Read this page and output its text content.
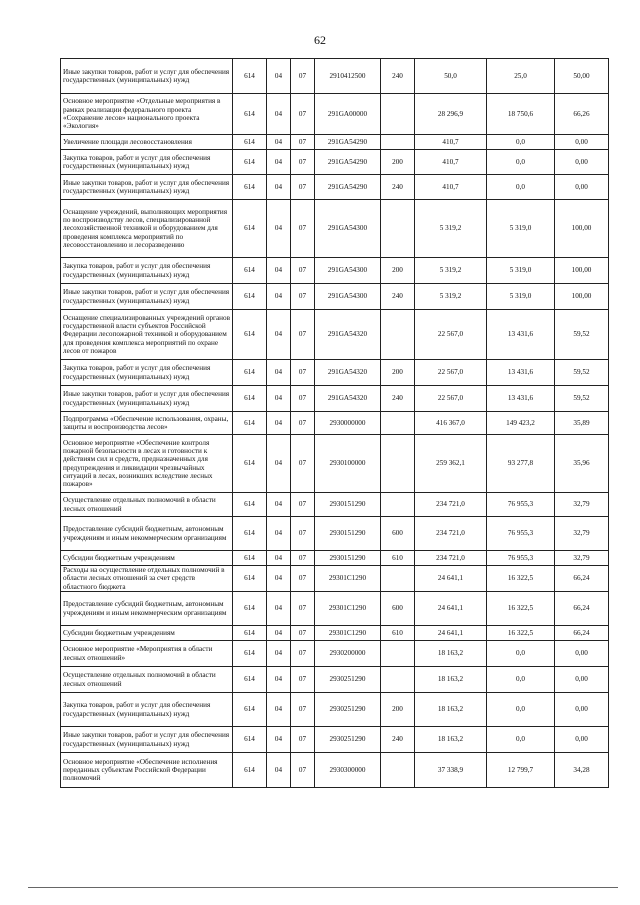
62
Иные закупки товаров, работ и услуг для обеспечения государственных (муниципальных) нужд	614	04	07	2910412500	240	50,0	25,0	50,00
Основное мероприятие «Отдельные мероприятия в рамках реализации федерального проекта «Сохранение лесов» национального проекта «Экология»	614	04	07	291GA00000		28 296,9	18 750,6	66,26
Увеличение площади лесовосстановления	614	04	07	291GA54290		410,7	0,0	0,00
Закупка товаров, работ и услуг для обеспечения государственных (муниципальных) нужд	614	04	07	291GA54290	200	410,7	0,0	0,00
Иные закупки товаров, работ и услуг для обеспечения государственных (муниципальных) нужд	614	04	07	291GA54290	240	410,7	0,0	0,00
Оснащение учреждений, выполняющих мероприятия по воспроизводству лесов, специализированной лесохозяйственной техникой и оборудованием для проведения комплекса мероприятий по лесовосстановлению и лесоразведению	614	04	07	291GA54300		5 319,2	5 319,0	100,00
Закупка товаров, работ и услуг для обеспечения государственных (муниципальных) нужд	614	04	07	291GA54300	200	5 319,2	5 319,0	100,00
Иные закупки товаров, работ и услуг для обеспечения государственных (муниципальных) нужд	614	04	07	291GA54300	240	5 319,2	5 319,0	100,00
Оснащение специализированных учреждений органов государственной власти субъектов Российской Федерации лесопожарной техникой и оборудованием для проведения комплекса мероприятий по охране лесов от пожаров	614	04	07	291GA54320		22 567,0	13 431,6	59,52
Закупка товаров, работ и услуг для обеспечения государственных (муниципальных) нужд	614	04	07	291GA54320	200	22 567,0	13 431,6	59,52
Иные закупки товаров, работ и услуг для обеспечения государственных (муниципальных) нужд	614	04	07	291GA54320	240	22 567,0	13 431,6	59,52
Подпрограмма «Обеспечение использования, охраны, защиты и воспроизводства лесов»	614	04	07	2930000000		416 367,0	149 423,2	35,89
Основное мероприятие «Обеспечение контроля пожарной безопасности в лесах и готовности к действиям сил и средств, предназначенных для предупреждения и ликвидации чрезвычайных ситуаций в лесах, возникших вследствие лесных пожаров»	614	04	07	2930100000		259 362,1	93 277,8	35,96
Осуществление отдельных полномочий в области лесных отношений	614	04	07	2930151290		234 721,0	76 955,3	32,79
Предоставление субсидий бюджетным, автономным учреждениям и иным некоммерческим организациям	614	04	07	2930151290	600	234 721,0	76 955,3	32,79
Субсидии бюджетным учреждениям	614	04	07	2930151290	610	234 721,0	76 955,3	32,79
Расходы на осуществление отдельных полномочий в области лесных отношений за счет средств областного бюджета	614	04	07	29301C1290		24 641,1	16 322,5	66,24
Предоставление субсидий бюджетным, автономным учреждениям и иным некоммерческим организациям	614	04	07	29301C1290	600	24 641,1	16 322,5	66,24
Субсидии бюджетным учреждениям	614	04	07	29301C1290	610	24 641,1	16 322,5	66,24
Основное мероприятие «Мероприятия в области лесных отношений»	614	04	07	2930200000		18 163,2	0,0	0,00
Осуществление отдельных полномочий в области лесных отношений	614	04	07	2930251290		18 163,2	0,0	0,00
Закупка товаров, работ и услуг для обеспечения государственных (муниципальных) нужд	614	04	07	2930251290	200	18 163,2	0,0	0,00
Иные закупки товаров, работ и услуг для обеспечения государственных (муниципальных) нужд	614	04	07	2930251290	240	18 163,2	0,0	0,00
Основное мероприятие «Обеспечение исполнения переданных субъектам Российской Федерации полномочий	614	04	07	2930300000		37 338,9	12 799,7	34,28
